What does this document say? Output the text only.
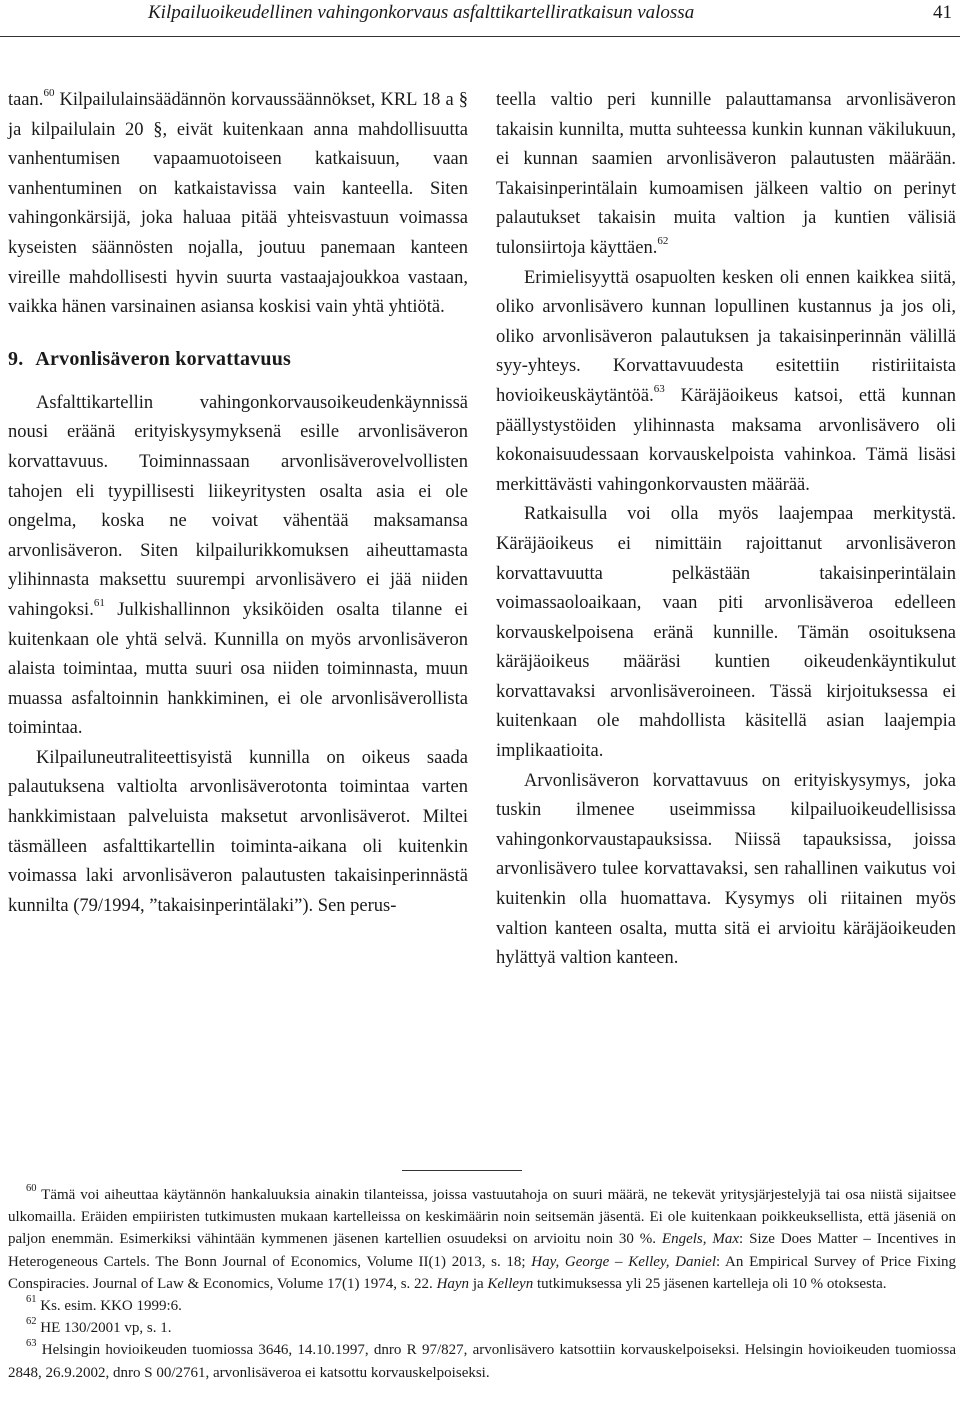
Kilpailuoikeudellinen vahingonkorvaus asfalttikartelliratkaisun valossa	41

taan.$^{60}$ Kilpailulainsäädännön korvaussäännökset, KRL 18 a § ja kilpailulain 20 §, eivät kuitenkaan anna mahdollisuutta vanhentumisen vapaamuotoiseen katkaisuun, vaan vanhentuminen on katkaistavissa vain kanteella. Siten vahingonkärsijä, joka haluaa pitää yhteisvastuun voimassa kyseisten säännösten nojalla, joutuu panemaan kanteen vireille mahdollisesti hyvin suurta vastaajajoukkoa vastaan, vaikka hänen varsinainen asiansa koskisi vain yhtä yhtiötä.

9. Arvonlisäveron korvattavuus

Asfalttikartellin vahingonkorvausoikeudenkäynnissä nousi eräänä erityiskysymyksenä esille arvonlisäveron korvattavuus. Toiminnassaan arvonlisäverovelvollisten tahojen eli tyypillisesti liikeyritysten osalta asia ei ole ongelma, koska ne voivat vähentää maksamansa arvonlisäveron. Siten kilpailurikkomuksen aiheuttamasta ylihinnasta maksettu suurempi arvonlisävero ei jää niiden vahingoksi.$^{61}$ Julkishallinnon yksiköiden osalta tilanne ei kuitenkaan ole yhtä selvä. Kunnilla on myös arvonlisäveron alaista toimintaa, mutta suuri osa niiden toiminnasta, muun muassa asfaltoinnin hankkiminen, ei ole arvonlisäverollista toimintaa.

Kilpailuneutraliteettisyistä kunnilla on oikeus saada palautuksena valtiolta arvonlisäverotonta toimintaa varten hankkimistaan palveluista maksetut arvonlisäverot. Miltei täsmälleen asfalttikartellin toiminta-aikana oli kuitenkin voimassa laki arvonlisäveron palautusten takaisinperinnästä kunnilta (79/1994, ”takaisinperintälaki”). Sen perus-

teella valtio peri kunnille palauttamansa arvonlisäveron takaisin kunnilta, mutta suhteessa kunkin kunnan väkilukuun, ei kunnan saamien arvonlisäveron palautusten määrään. Takaisinperintälain kumoamisen jälkeen valtio on perinyt palautukset takaisin muita valtion ja kuntien välisiä tulonsiirtoja käyttäen.$^{62}$

Erimielisyyttä osapuolten kesken oli ennen kaikkea siitä, oliko arvonlisävero kunnan lopullinen kustannus ja jos oli, oliko arvonlisäveron palautuksen ja takaisinperinnän välillä syy-yhteys. Korvattavuudesta esitettiin ristiriitaista hovioikeuskäytäntöä.$^{63}$ Käräjäoikeus katsoi, että kunnan päällystystöiden ylihinnasta maksama arvonlisävero oli kokonaisuudessaan korvauskelpoista vahinkoa. Tämä lisäsi merkittävästi vahingonkorvausten määrää.

Ratkaisulla voi olla myös laajempaa merkitystä. Käräjäoikeus ei nimittäin rajoittanut arvonlisäveron korvattavuutta pelkästään takaisinperintälain voimassaoloaikaan, vaan piti arvonlisäveroa edelleen korvauskelpoisena eränä kunnille. Tämän osoituksena käräjäoikeus määräsi kuntien oikeudenkäyntikulut korvattavaksi arvonlisäveroineen. Tässä kirjoituksessa ei kuitenkaan ole mahdollista käsitellä asian laajempia implikaatioita.

Arvonlisäveron korvattavuus on erityiskysymys, joka tuskin ilmenee useimmissa kilpailuoikeudellisissa vahingonkorvaustapauksissa. Niissä tapauksissa, joissa arvonlisävero tulee korvattavaksi, sen rahallinen vaikutus voi kuitenkin olla huomattava. Kysymys oli riitainen myös valtion kanteen osalta, mutta sitä ei arvioitu käräjäoikeuden hylättyä valtion kanteen.

$^{60}$ Tämä voi aiheuttaa käytännön hankaluuksia ainakin tilanteissa, joissa vastuutahoja on suuri määrä, ne tekevät yritysjärjestelyjä tai osa niistä sijaitsee ulkomailla. Eräiden empiiristen tutkimusten mukaan kartelleissa on keskimäärin noin seitsemän jäsentä. Ei ole kuitenkaan poikkeuksellista, että jäseniä on paljon enemmän. Esimerkiksi vähintään kymmenen jäsenen kartellien osuudeksi on arvioitu noin 30 %. Engels, Max: Size Does Matter – Incentives in Heterogeneous Cartels. The Bonn Journal of Economics, Volume II(1) 2013, s. 18; Hay, George – Kelley, Daniel: An Empirical Survey of Price Fixing Conspiracies. Journal of Law & Economics, Volume 17(1) 1974, s. 22. Hayn ja Kelleyn tutkimuksessa yli 25 jäsenen kartelleja oli 10 % otoksesta.

$^{61}$ Ks. esim. KKO 1999:6.

$^{62}$ HE 130/2001 vp, s. 1.

$^{63}$ Helsingin hovioikeuden tuomiossa 3646, 14.10.1997, dnro R 97/827, arvonlisävero katsottiin korvauskelpoiseksi. Helsingin hovioikeuden tuomiossa 2848, 26.9.2002, dnro S 00/2761, arvonlisäveroa ei katsottu korvauskelpoiseksi.
